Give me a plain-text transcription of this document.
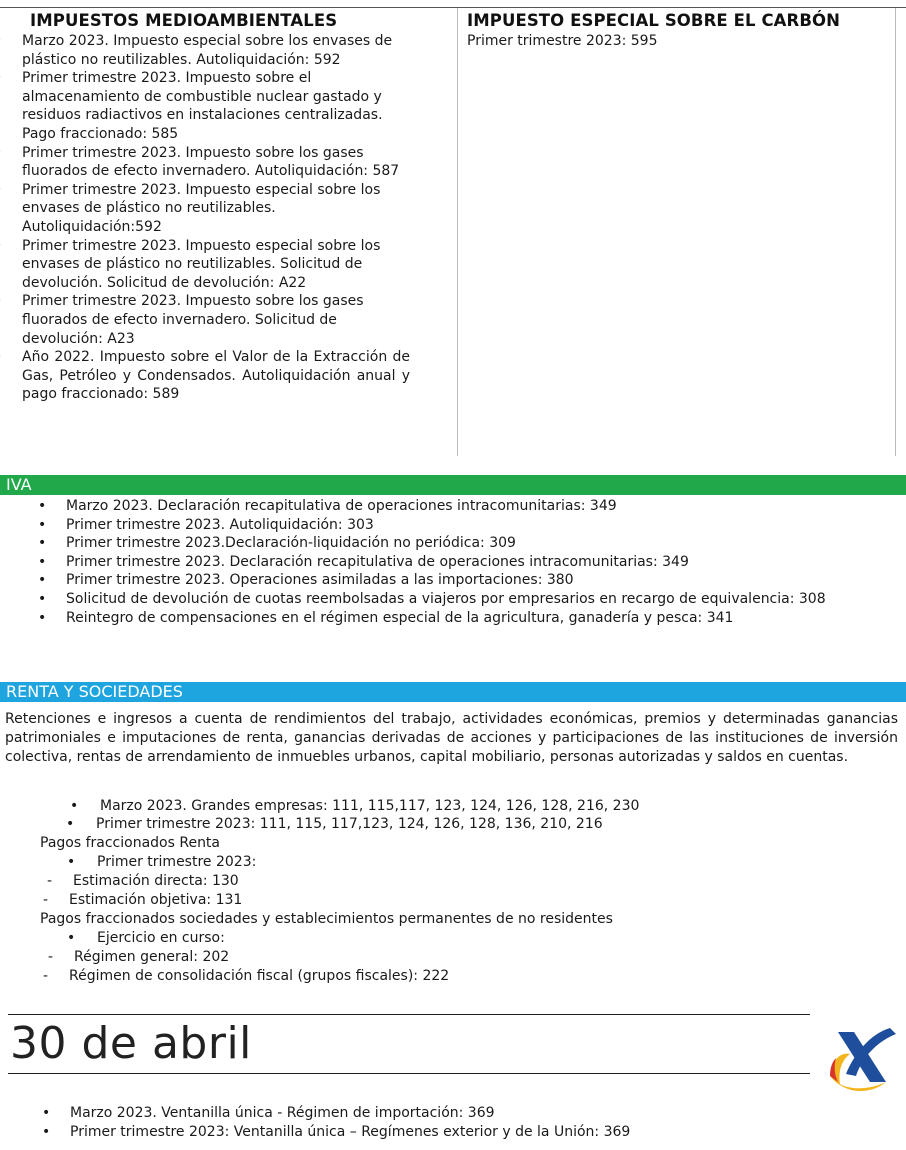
IMPUESTOS MEDIOAMBIENTALES
• Marzo 2023. Impuesto especial sobre los envases de plástico no reutilizables. Autoliquidación: 592
• Primer trimestre 2023. Impuesto sobre el almacenamiento de combustible nuclear gastado y residuos radiactivos en instalaciones centralizadas. Pago fraccionado: 585
• Primer trimestre 2023. Impuesto sobre los gases fluorados de efecto invernadero. Autoliquidación: 587
• Primer trimestre 2023. Impuesto especial sobre los envases de plástico no reutilizables. Autoliquidación:592
• Primer trimestre 2023. Impuesto especial sobre los envases de plástico no reutilizables. Solicitud de devolución. Solicitud de devolución: A22
• Primer trimestre 2023. Impuesto sobre los gases fluorados de efecto invernadero. Solicitud de devolución: A23
• Año 2022. Impuesto sobre el Valor de la Extracción de Gas, Petróleo y Condensados. Autoliquidación anual y pago fraccionado: 589
IMPUESTO ESPECIAL SOBRE EL CARBÓN
Primer trimestre 2023: 595
IVA
• Marzo 2023. Declaración recapitulativa de operaciones intracomunitarias: 349
• Primer trimestre 2023. Autoliquidación: 303
• Primer trimestre 2023.Declaración-liquidación no periódica: 309
• Primer trimestre 2023. Declaración recapitulativa de operaciones intracomunitarias: 349
• Primer trimestre 2023. Operaciones asimiladas a las importaciones: 380
• Solicitud de devolución de cuotas reembolsadas a viajeros por empresarios en recargo de equivalencia: 308
• Reintegro de compensaciones en el régimen especial de la agricultura, ganadería y pesca: 341
RENTA Y SOCIEDADES
Retenciones e ingresos a cuenta de rendimientos del trabajo, actividades económicas, premios y determinadas ganancias patrimoniales e imputaciones de renta, ganancias derivadas de acciones y participaciones de las instituciones de inversión colectiva, rentas de arrendamiento de inmuebles urbanos, capital mobiliario, personas autorizadas y saldos en cuentas.
• Marzo 2023. Grandes empresas: 111, 115,117, 123, 124, 126, 128, 216, 230
• Primer trimestre 2023: 111, 115, 117,123, 124, 126, 128, 136, 210, 216
Pagos fraccionados Renta
• Primer trimestre 2023:
- Estimación directa: 130
- Estimación objetiva: 131
Pagos fraccionados sociedades y establecimientos permanentes de no residentes
• Ejercicio en curso:
- Régimen general: 202
- Régimen de consolidación fiscal (grupos fiscales): 222
30 de abril
• Marzo 2023. Ventanilla única - Régimen de importación: 369
• Primer trimestre 2023: Ventanilla única – Regímenes exterior y de la Unión: 369
